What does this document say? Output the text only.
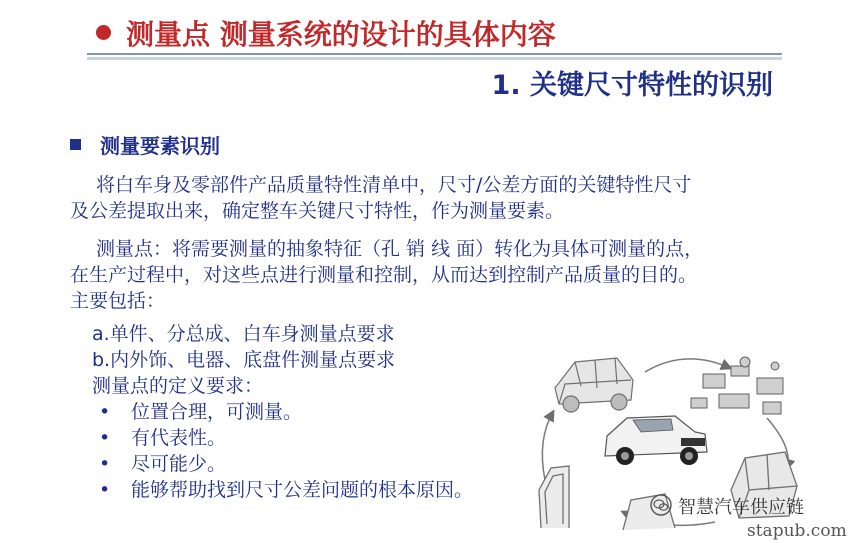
测量点 测量系统的设计的具体内容
1. 关键尺寸特性的识别
测量要素识别
将白车身及零部件产品质量特性清单中，尺寸/公差方面的关键特性尺寸
及公差提取出来，确定整车关键尺寸特性，作为测量要素。
测量点：将需要测量的抽象特征（孔 销 线 面）转化为具体可测量的点，
在生产过程中，对这些点进行测量和控制，从而达到控制产品质量的目的。
主要包括：
a.单件、分总成、白车身测量点要求
b.内外饰、电器、底盘件测量点要求
测量点的定义要求：
• 位置合理，可测量。
• 有代表性。
• 尽可能少。
• 能够帮助找到尺寸公差问题的根本原因。
智慧汽车供应链
stapub.com
